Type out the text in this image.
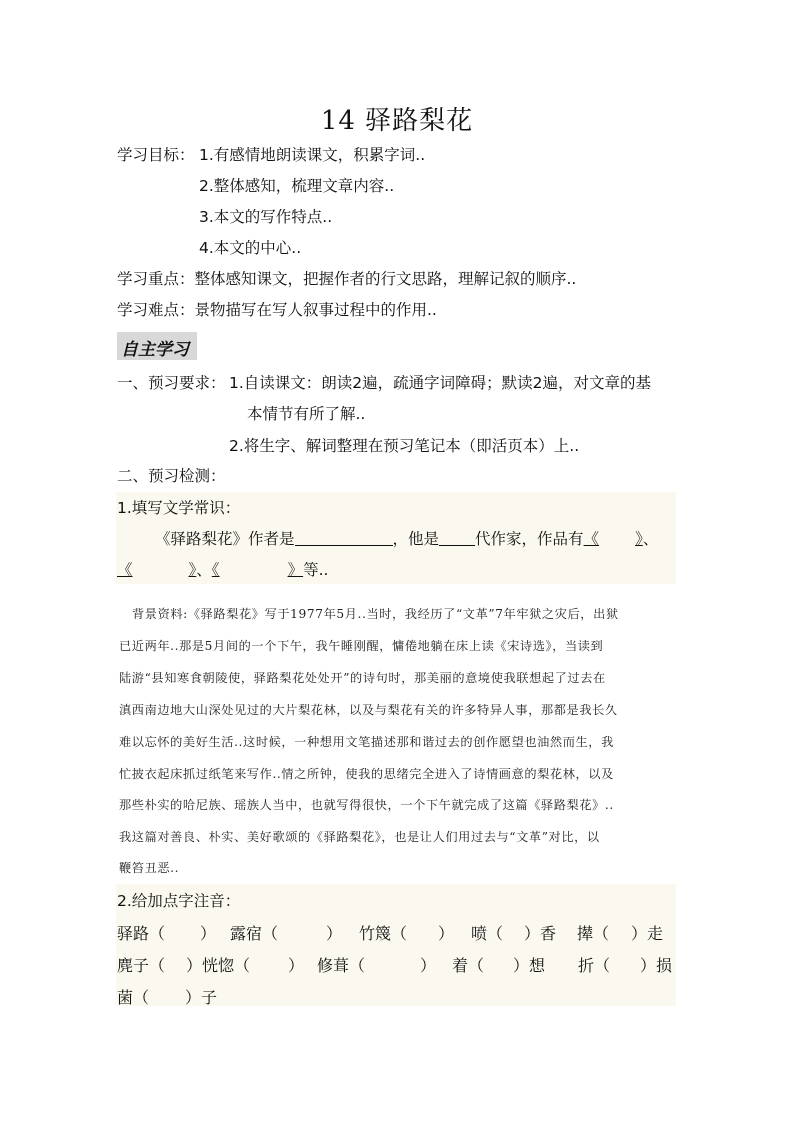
14 驿路梨花
学习目标： 1.有感情地朗读课文，积累字词..
2.整体感知，梳理文章内容..
3.本文的写作特点..
4.本文的中心..
学习重点：整体感知课文，把握作者的行文思路，理解记叙的顺序..
学习难点：景物描写在写人叙事过程中的作用..
自主学习
一、预习要求： 1.自读课文：朗读2遍，疏通字词障碍；默读2遍，对文章的基
本情节有所了解..
2.将生字、解词整理在预习笔记本（即活页本）上..
二、预习检测：
1.填写文学常识：
《驿路梨花》作者是	，他是 代作家，作品有《 》、
《	》、《	》等..
背景资料:《驿路梨花》写于1977年5月..当时，我经历了“文革”7年牢狱之灾后，出狱
已近两年..那是5月间的一个下午，我午睡刚醒，慵倦地躺在床上读《宋诗选》，当读到
陆游“县知寒食朝陵使，驿路梨花处处开”的诗句时，那美丽的意境使我联想起了过去在
滇西南边地大山深处见过的大片梨花林，以及与梨花有关的许多特异人事，那都是我长久
难以忘怀的美好生活..这时候，一种想用文笔描述那和谐过去的创作愿望也油然而生，我
忙披衣起床抓过纸笔来写作..情之所钟，使我的思绪完全进入了诗情画意的梨花林，以及
那些朴实的哈尼族、瑶族人当中，也就写得很快，一个下午就完成了这篇《驿路梨花》..
我这篇对善良、朴实、美好歌颂的《驿路梨花》，也是让人们用过去与“文革”对比，以
鞭笞丑恶..
2.给加点字注音：
驿路（ ） 露宿（	） 竹篾（ ） 喷（ ）香 撵（ ）走
麂子（ ）恍惚（ ） 修葺（	） 着（ ）想 折（ ）损
菌（ ）子
